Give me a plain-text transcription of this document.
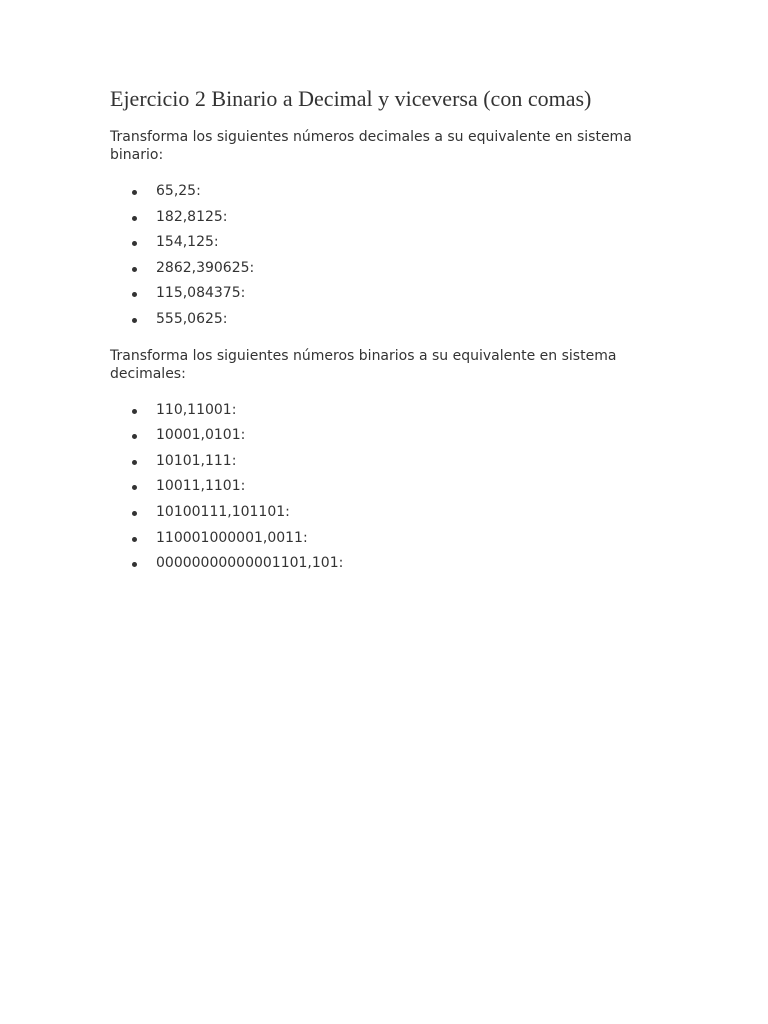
Ejercicio 2 Binario a Decimal y viceversa (con comas)

Transforma los siguientes números decimales a su equivalente en sistema binario:

65,25:
182,8125:
154,125:
2862,390625:
115,084375:
555,0625:

Transforma los siguientes números binarios a su equivalente en sistema decimales:

110,11001:
10001,0101:
10101,111:
10011,1101:
10100111,101101:
110001000001,0011:
00000000000001101,101:
